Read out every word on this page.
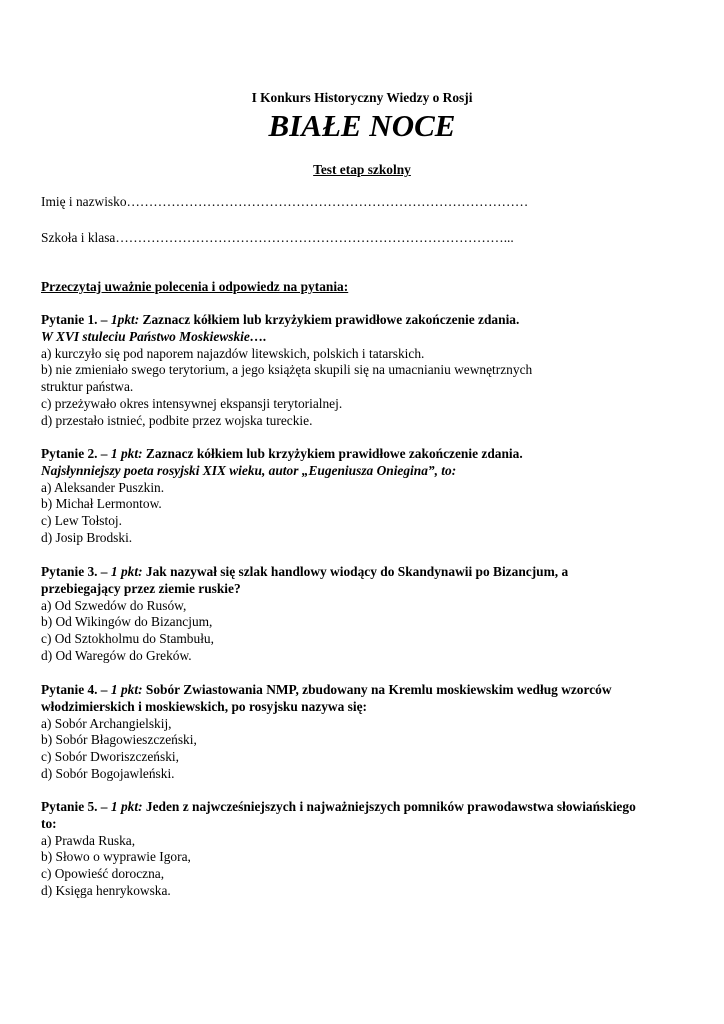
I Konkurs Historyczny Wiedzy o Rosji
BIAŁE NOCE
Test etap szkolny
Imię i nazwisko………………………………………………………………………………
Szkoła i klasa……………………………………………………………………………...
Przeczytaj uważnie polecenia i odpowiedz na pytania:
Pytanie 1. – 1pkt: Zaznacz kółkiem lub krzyżykiem prawidłowe zakończenie zdania.
W XVI stuleciu Państwo Moskiewskie….
a) kurczyło się pod naporem najazdów litewskich, polskich i tatarskich.
b) nie zmieniało swego terytorium, a jego książęta skupili się na umacnianiu wewnętrznych
struktur państwa.
c) przeżywało okres intensywnej ekspansji terytorialnej.
d) przestało istnieć, podbite przez wojska tureckie.
Pytanie 2. – 1 pkt: Zaznacz kółkiem lub krzyżykiem prawidłowe zakończenie zdania.
Najsłynniejszy poeta rosyjski XIX wieku, autor „Eugeniusza Oniegina”, to:
a) Aleksander Puszkin.
b) Michał Lermontow.
c) Lew Tołstoj.
d) Josip Brodski.
Pytanie 3. – 1 pkt: Jak nazywał się szlak handlowy wiodący do Skandynawii po Bizancjum, a przebiegający przez ziemie ruskie?
a) Od Szwedów do Rusów,
b) Od Wikingów do Bizancjum,
c) Od Sztokholmu do Stambułu,
d) Od Waregów do Greków.
Pytanie 4. – 1 pkt: Sobór Zwiastowania NMP, zbudowany na Kremlu moskiewskim według wzorców włodzimierskich i moskiewskich, po rosyjsku nazywa się:
a) Sobór Archangielskij,
b) Sobór Błagowieszczeński,
c) Sobór Dworiszczeński,
d) Sobór Bogojawleński.
Pytanie 5. – 1 pkt: Jeden z najwcześniejszych i najważniejszych pomników prawodawstwa słowiańskiego to:
a) Prawda Ruska,
b) Słowo o wyprawie Igora,
c) Opowieść doroczna,
d) Księga henrykowska.
